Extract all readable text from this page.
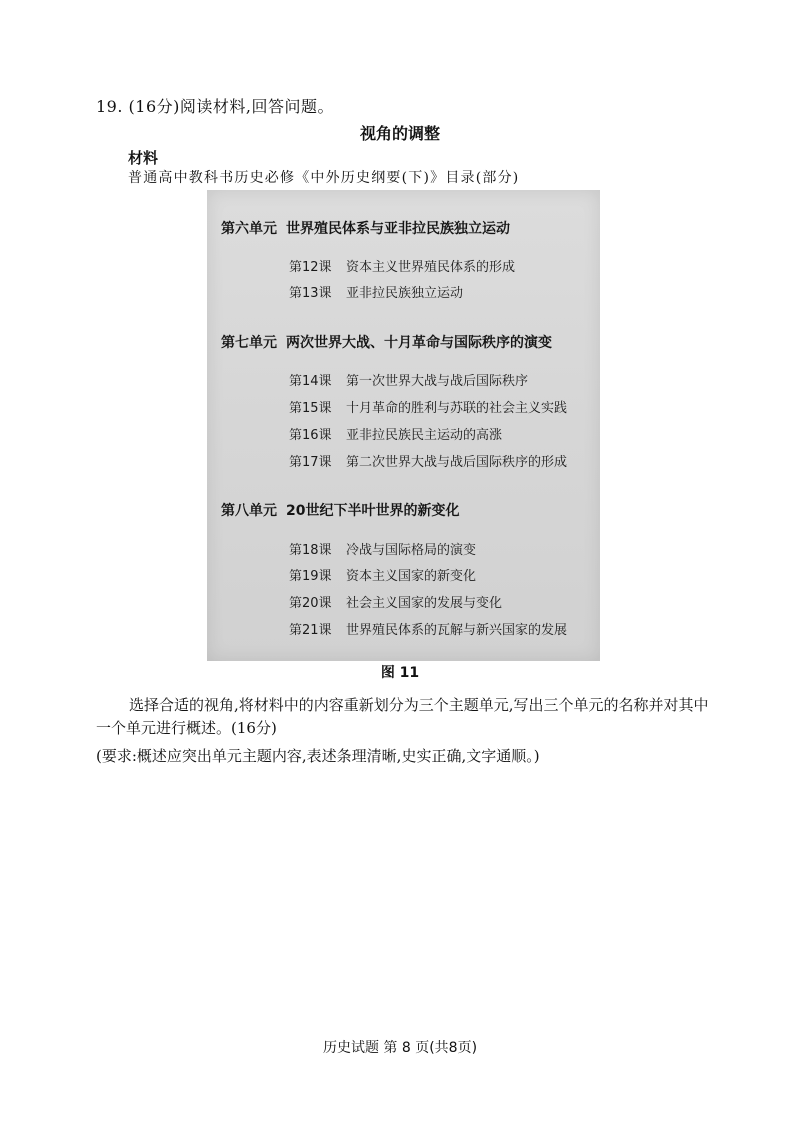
19. (16分)阅读材料,回答问题。
视角的调整
材料
普通高中教科书历史必修《中外历史纲要(下)》目录(部分)
第六单元 世界殖民体系与亚非拉民族独立运动
第12课 资本主义世界殖民体系的形成
第13课 亚非拉民族独立运动
第七单元 两次世界大战、十月革命与国际秩序的演变
第14课 第一次世界大战与战后国际秩序
第15课 十月革命的胜利与苏联的社会主义实践
第16课 亚非拉民族民主运动的高涨
第17课 第二次世界大战与战后国际秩序的形成
第八单元 20世纪下半叶世界的新变化
第18课 冷战与国际格局的演变
第19课 资本主义国家的新变化
第20课 社会主义国家的发展与变化
第21课 世界殖民体系的瓦解与新兴国家的发展
图 11
选择合适的视角,将材料中的内容重新划分为三个主题单元,写出三个单元的名称并对其中一个单元进行概述。(16分)
(要求:概述应突出单元主题内容,表述条理清晰,史实正确,文字通顺。)
历史试题 第 8 页(共8页)
